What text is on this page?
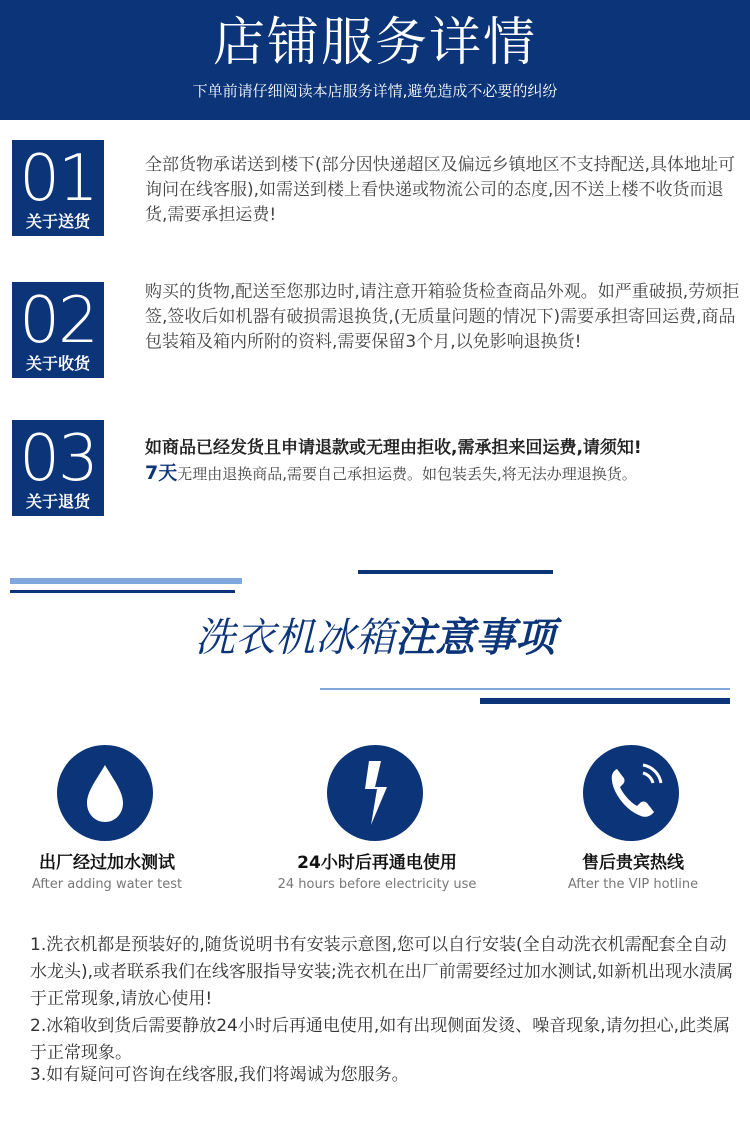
店铺服务详情
下单前请仔细阅读本店服务详情,避免造成不必要的纠纷
01
关于送货
全部货物承诺送到楼下(部分因快递超区及偏远乡镇地区不支持配送,具体地址可询问在线客服),如需送到楼上看快递或物流公司的态度,因不送上楼不收货而退货,需要承担运费!
02
关于收货
购买的货物,配送至您那边时,请注意开箱验货检查商品外观。如严重破损,劳烦拒签,签收后如机器有破损需退换货,(无质量问题的情况下)需要承担寄回运费,商品包装箱及箱内所附的资料,需要保留3个月,以免影响退换货!
03
关于退货
如商品已经发货且申请退款或无理由拒收,需承担来回运费,请须知!
7天无理由退换商品,需要自己承担运费。如包装丢失,将无法办理退换货。
洗衣机冰箱注意事项
出厂经过加水测试
After adding water test
24小时后再通电使用
24 hours before electricity use
售后贵宾热线
After the VIP hotline
1.洗衣机都是预装好的,随货说明书有安装示意图,您可以自行安装(全自动洗衣机需配套全自动水龙头),或者联系我们在线客服指导安装;洗衣机在出厂前需要经过加水测试,如新机出现水渍属于正常现象,请放心使用!
2.冰箱收到货后需要静放24小时后再通电使用,如有出现侧面发烫、噪音现象,请勿担心,此类属于正常现象。
3.如有疑问可咨询在线客服,我们将竭诚为您服务。
